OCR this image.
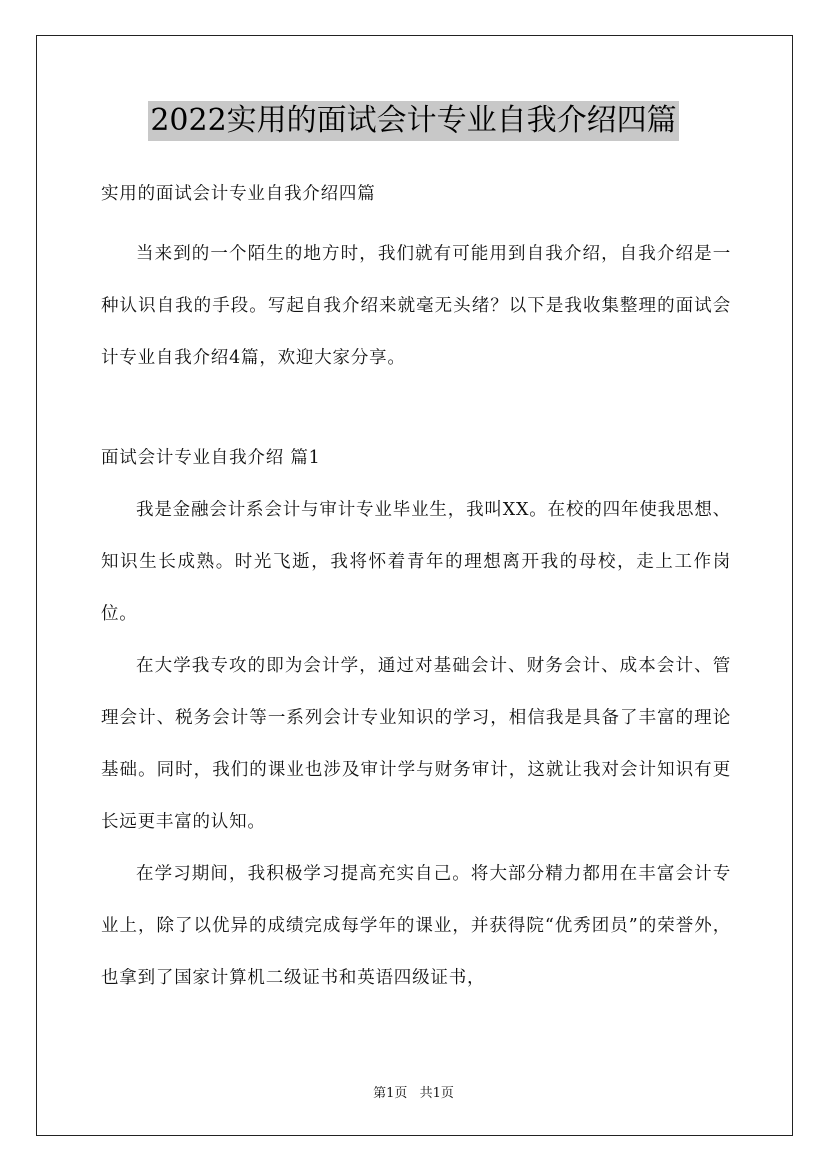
2022实用的面试会计专业自我介绍四篇

实用的面试会计专业自我介绍四篇

当来到的一个陌生的地方时，我们就有可能用到自我介绍，自我介绍是一种认识自我的手段。写起自我介绍来就毫无头绪？以下是我收集整理的面试会计专业自我介绍4篇，欢迎大家分享。

面试会计专业自我介绍 篇1

我是金融会计系会计与审计专业毕业生，我叫XX。在校的四年使我思想、知识生长成熟。时光飞逝，我将怀着青年的理想离开我的母校，走上工作岗位。

在大学我专攻的即为会计学，通过对基础会计、财务会计、成本会计、管理会计、税务会计等一系列会计专业知识的学习，相信我是具备了丰富的理论基础。同时，我们的课业也涉及审计学与财务审计，这就让我对会计知识有更长远更丰富的认知。

在学习期间，我积极学习提高充实自己。将大部分精力都用在丰富会计专业上，除了以优异的成绩完成每学年的课业，并获得院“优秀团员”的荣誉外，也拿到了国家计算机二级证书和英语四级证书，

第1页 共1页
